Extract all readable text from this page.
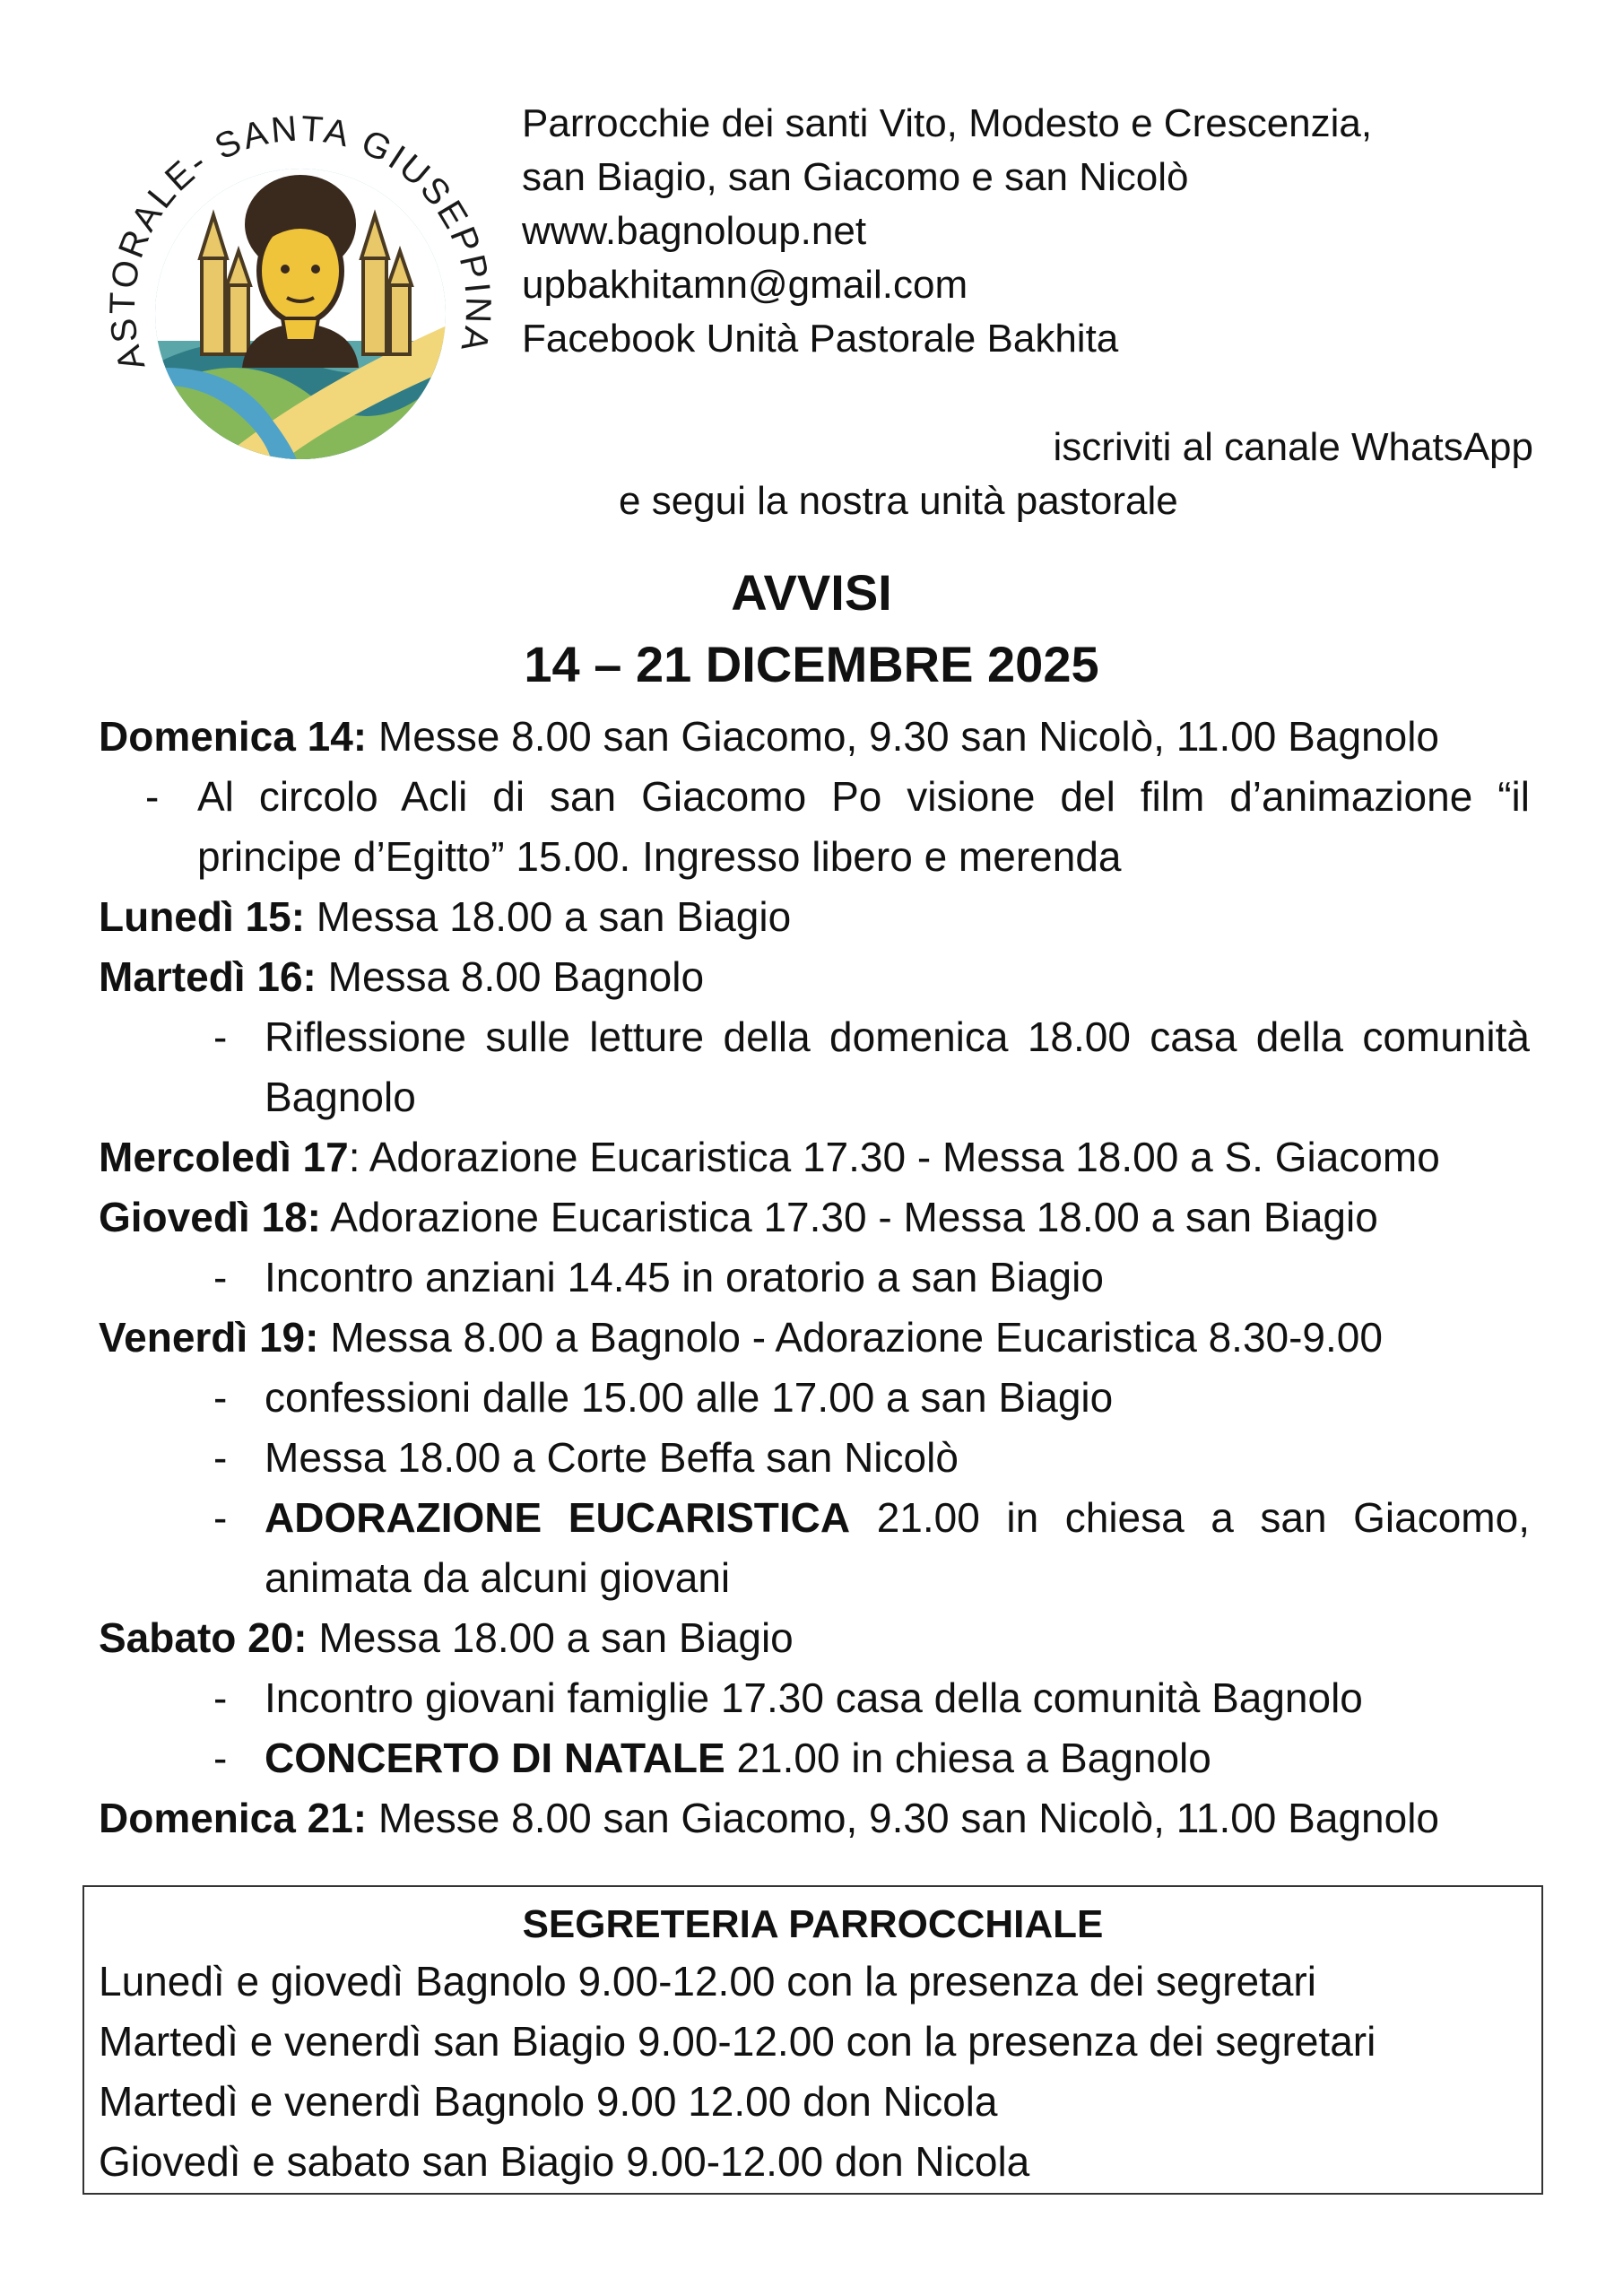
ASTORALE- SANTA GIUSEPPINA
Parrocchie dei santi Vito, Modesto e Crescenzia,
san Biagio, san Giacomo e san Nicolò
www.bagnoloup.net
upbakhitamn@gmail.com
Facebook Unità Pastorale Bakhita
iscriviti al canale WhatsApp
e segui la nostra unità pastorale
AVVISI
14 – 21 DICEMBRE 2025
Domenica 14: Messe 8.00 san Giacomo, 9.30 san Nicolò, 11.00 Bagnolo
- Al circolo Acli di san Giacomo Po visione del film d’animazione “il principe d’Egitto” 15.00. Ingresso libero e merenda
Lunedì 15: Messa 18.00 a san Biagio
Martedì 16: Messa 8.00 Bagnolo
- Riflessione sulle letture della domenica 18.00 casa della comunità Bagnolo
Mercoledì 17: Adorazione Eucaristica 17.30 - Messa 18.00 a S. Giacomo
Giovedì 18: Adorazione Eucaristica 17.30 - Messa 18.00 a san Biagio
- Incontro anziani 14.45 in oratorio a san Biagio
Venerdì 19: Messa 8.00 a Bagnolo - Adorazione Eucaristica 8.30-9.00
- confessioni dalle 15.00 alle 17.00 a san Biagio
- Messa 18.00 a Corte Beffa san Nicolò
- ADORAZIONE EUCARISTICA 21.00 in chiesa a san Giacomo, animata da alcuni giovani
Sabato 20: Messa 18.00 a san Biagio
- Incontro giovani famiglie 17.30 casa della comunità Bagnolo
- CONCERTO DI NATALE 21.00 in chiesa a Bagnolo
Domenica 21: Messe 8.00 san Giacomo, 9.30 san Nicolò, 11.00 Bagnolo
SEGRETERIA PARROCCHIALE
Lunedì e giovedì Bagnolo 9.00-12.00 con la presenza dei segretari
Martedì e venerdì san Biagio 9.00-12.00 con la presenza dei segretari
Martedì e venerdì Bagnolo 9.00 12.00 don Nicola
Giovedì e sabato san Biagio 9.00-12.00 don Nicola
